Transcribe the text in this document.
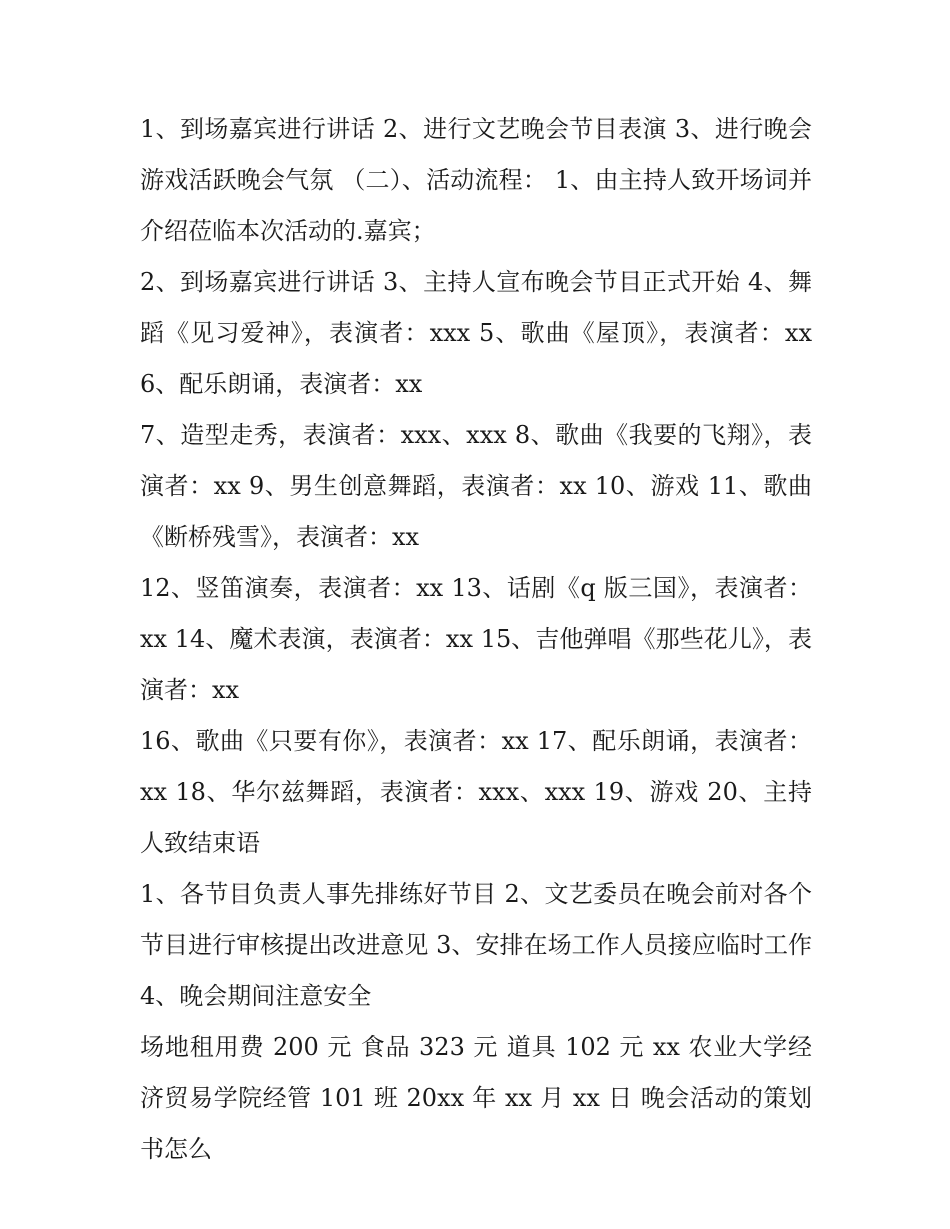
1、到场嘉宾进行讲话 2、进行文艺晚会节目表演 3、进行晚会游戏活跃晚会气氛 （二）、活动流程： 1、由主持人致开场词并介绍莅临本次活动的.嘉宾；

2、到场嘉宾进行讲话 3、主持人宣布晚会节目正式开始 4、舞蹈《见习爱神》，表演者：xxx 5、歌曲《屋顶》，表演者：xx 6、配乐朗诵，表演者：xx

7、造型走秀，表演者：xxx、xxx 8、歌曲《我要的飞翔》，表演者：xx 9、男生创意舞蹈，表演者：xx 10、游戏 11、歌曲《断桥残雪》，表演者：xx

12、竖笛演奏，表演者：xx 13、话剧《q 版三国》，表演者：xx 14、魔术表演，表演者：xx 15、吉他弹唱《那些花儿》，表演者：xx

16、歌曲《只要有你》，表演者：xx 17、配乐朗诵，表演者：xx 18、华尔兹舞蹈，表演者：xxx、xxx 19、游戏 20、主持人致结束语

1、各节目负责人事先排练好节目 2、文艺委员在晚会前对各个节目进行审核提出改进意见 3、安排在场工作人员接应临时工作 4、晚会期间注意安全

场地租用费 200 元 食品 323 元 道具 102 元 xx 农业大学经济贸易学院经管 101 班 20xx 年 xx 月 xx 日 晚会活动的策划书怎么
